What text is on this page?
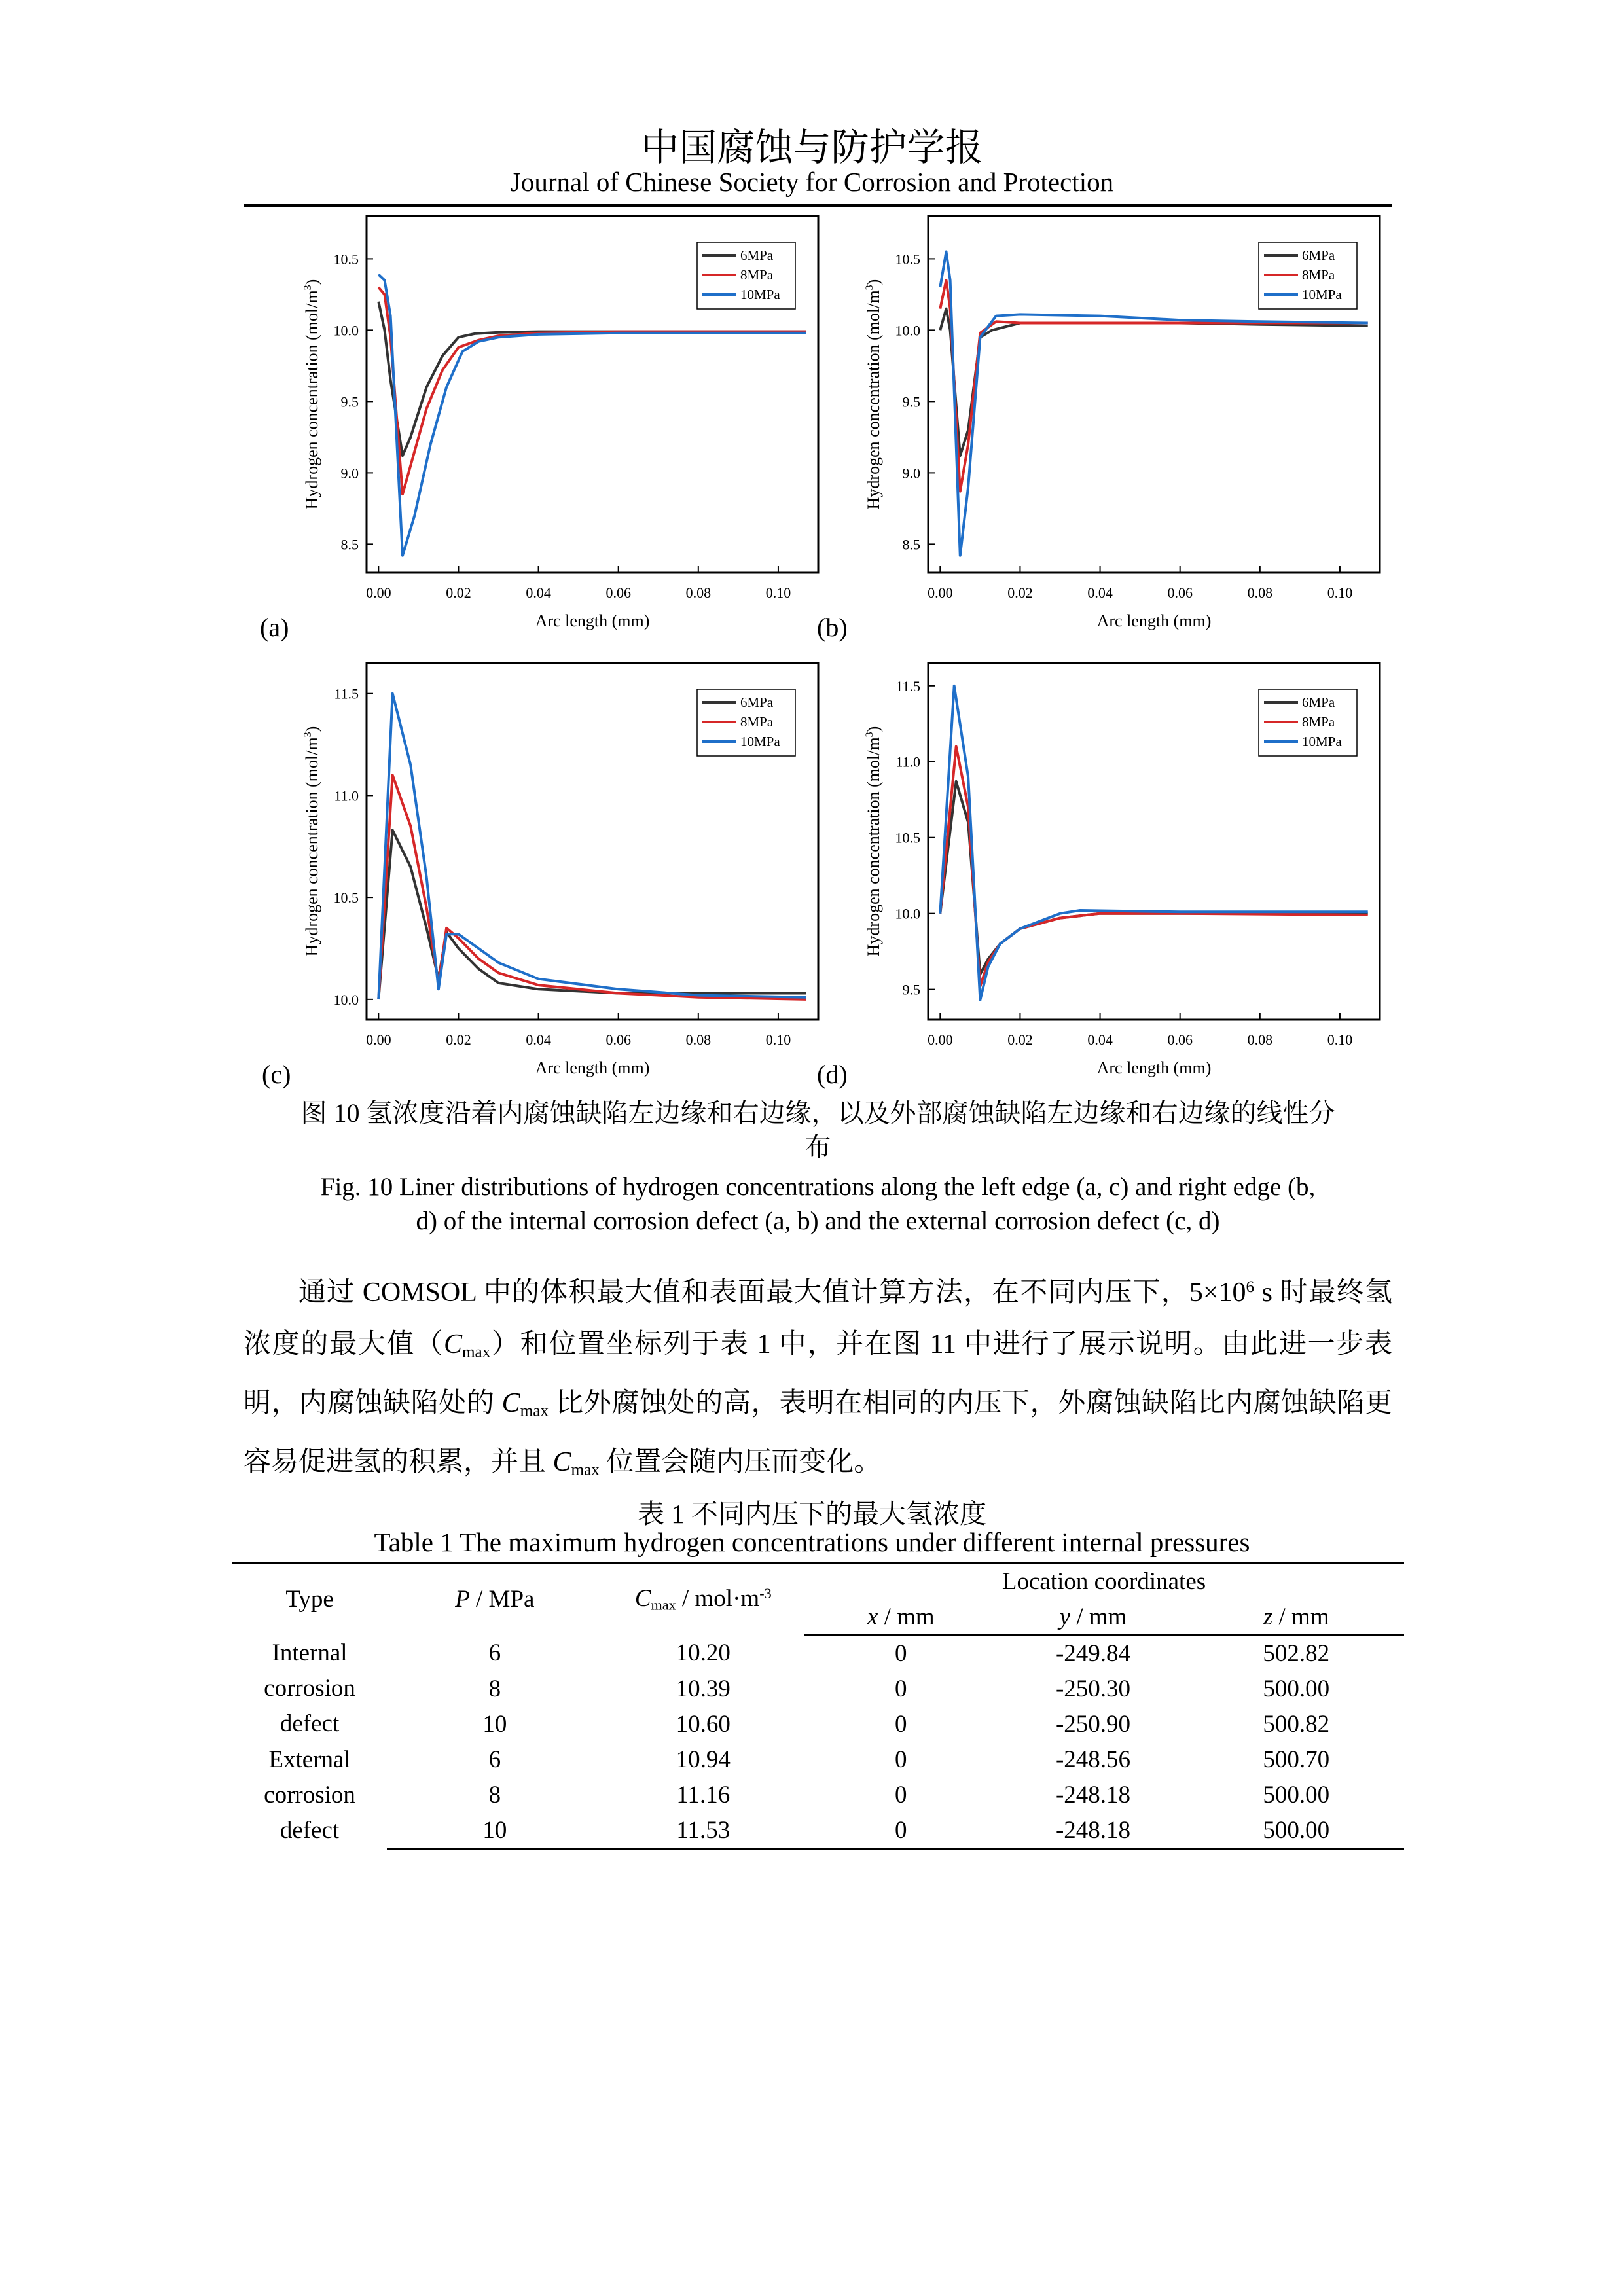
中国腐蚀与防护学报
Journal of Chinese Society for Corrosion and Protection
0.00	0.02	0.04	0.06	0.08	0.10
8.5
9.0
9.5
10.0
10.5
Arc length (mm)
Hydrogen concentration $(mol/m^3)$
6MPa
8MPa
10MPa
0.00	0.02	0.04	0.06	0.08	0.10
8.5
9.0
9.5
10.0
10.5
Arc length (mm)
Hydrogen concentration $(mol/m^3)$
6MPa
8MPa
10MPa
0.00	0.02	0.04	0.06	0.08	0.10
10.0
10.5
11.0
11.5
Arc length (mm)
Hydrogen concentration $(mol/m^3)$
6MPa
8MPa
10MPa
0.00	0.02	0.04	0.06	0.08	0.10
9.5
10.0
10.5
11.0
11.5
Arc length (mm)
Hydrogen concentration $(mol/m^3)$
6MPa
8MPa
10MPa
(a)	(b)
(c)	(d)
图 10 氢浓度沿着内腐蚀缺陷左边缘和右边缘，以及外部腐蚀缺陷左边缘和右边缘的线性分
布
Fig. 10 Liner distributions of hydrogen concentrations along the left edge (a, c) and right edge (b,
d) of the internal corrosion defect (a, b) and the external corrosion defect (c, d)
通过 COMSOL 中的体积最大值和表面最大值计算方法，在不同内压下，$5\times 10^6$ s 时最终氢浓度的最大值$(C_{max})$和位置坐标列于表 1 中，并在图 11 中进行了展示说明。由此进一步表明，内腐蚀缺陷处的 $C_{max}$ 比外腐蚀处的高，表明在相同的内压下，外腐蚀缺陷比内腐蚀缺陷更容易促进氢的积累，并且 $C_{max}$ 位置会随内压而变化。
表 1 不同内压下的最大氢浓度
Table 1 The maximum hydrogen concentrations under different internal pressures
Type	P / MPa	$C_{max} / mol\cdot m^{-3}$	Location coordinates		
			x / mm	y / mm	z / mm

Internal corrosion
defect	6	10.20	0	-249.84	502.82
	8	10.39	0	-250.30	500.00
	10	10.60	0	-250.90	500.82

External corrosion
defect	6	10.94	0	-248.56	500.70
	8	11.16	0	-248.18	500.00
	10	11.53	0	-248.18	500.00
